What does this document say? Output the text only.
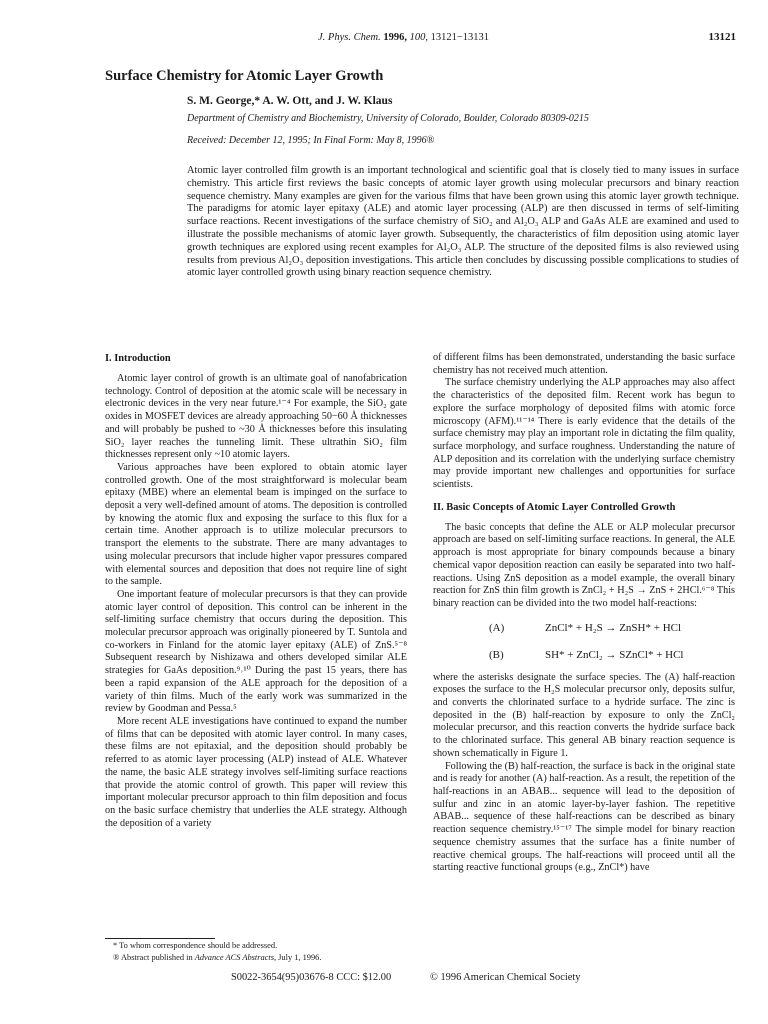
J. Phys. Chem. 1996, 100, 13121−13131	13121
Surface Chemistry for Atomic Layer Growth
S. M. George,* A. W. Ott, and J. W. Klaus
Department of Chemistry and Biochemistry, University of Colorado, Boulder, Colorado 80309-0215
Received: December 12, 1995; In Final Form: May 8, 1996®

Atomic layer controlled film growth is an important technological and scientific goal that is closely tied to many issues in surface chemistry. This article first reviews the basic concepts of atomic layer growth using molecular precursors and binary reaction sequence chemistry. Many examples are given for the various films that have been grown using this atomic layer growth technique. The paradigms for atomic layer epitaxy (ALE) and atomic layer processing (ALP) are then discussed in terms of self-limiting surface reactions. Recent investigations of the surface chemistry of SiO₂ and Al₂O₃ ALP and GaAs ALE are examined and used to illustrate the possible mechanisms of atomic layer growth. Subsequently, the characteristics of film deposition using atomic layer growth techniques are explored using recent examples for Al₂O₃ ALP. The structure of the deposited films is also reviewed using results from previous Al₂O₃ deposition investigations. This article then concludes by discussing possible complications to studies of atomic layer controlled growth using binary reaction sequence chemistry.

I. Introduction

Atomic layer control of growth is an ultimate goal of nanofabrication technology. Control of deposition at the atomic scale will be necessary in electronic devices in the very near future.¹⁻⁴ For example, the SiO₂ gate oxides in MOSFET devices are already approaching 50−60 Å thicknesses and will probably be pushed to ~30 Å thicknesses before this insulating SiO₂ layer reaches the tunneling limit. These ultrathin SiO₂ film thicknesses represent only ~10 atomic layers.

Various approaches have been explored to obtain atomic layer controlled growth. One of the most straightforward is molecular beam epitaxy (MBE) where an elemental beam is impinged on the surface to deposit a very well-defined amount of atoms. The deposition is controlled by knowing the atomic flux and exposing the surface to this flux for a certain time. Another approach is to utilize molecular precursors to transport the elements to the substrate. There are many advantages to using molecular precursors that include higher vapor pressures compared with elemental sources and deposition that does not require line of sight to the sample.

One important feature of molecular precursors is that they can provide atomic layer control of deposition. This control can be inherent in the self-limiting surface chemistry that occurs during the deposition. This molecular precursor approach was originally pioneered by T. Suntola and co-workers in Finland for the atomic layer epitaxy (ALE) of ZnS.⁵⁻⁸ Subsequent research by Nishizawa and others developed similar ALE strategies for GaAs deposition.⁹˒¹⁰ During the past 15 years, there has been a rapid expansion of the ALE approach for the deposition of a variety of thin films. Much of the early work was summarized in the review by Goodman and Pessa.⁵

More recent ALE investigations have continued to expand the number of films that can be deposited with atomic layer control. In many cases, these films are not epitaxial, and the deposition should probably be referred to as atomic layer processing (ALP) instead of ALE. Whatever the name, the basic ALE strategy involves self-limiting surface reactions that provide the atomic control of growth. This paper will review this important molecular precursor approach to thin film deposition and focus on the basic surface chemistry that underlies the ALE strategy. Although the deposition of a variety

of different films has been demonstrated, understanding the basic surface chemistry has not received much attention.

The surface chemistry underlying the ALP approaches may also affect the characteristics of the deposited film. Recent work has begun to explore the surface morphology of deposited films with atomic force microscopy (AFM).¹¹⁻¹⁴ There is early evidence that the details of the surface chemistry may play an important role in dictating the film quality, surface morphology, and surface roughness. Understanding the nature of ALP deposition and its correlation with the underlying surface chemistry may provide important new challenges and opportunities for surface scientists.

II. Basic Concepts of Atomic Layer Controlled Growth

The basic concepts that define the ALE or ALP molecular precursor approach are based on self-limiting surface reactions. In general, the ALE approach is most appropriate for binary compounds because a binary chemical vapor deposition reaction can easily be separated into two half-reactions. Using ZnS deposition as a model example, the overall binary reaction for ZnS thin film growth is ZnCl₂ + H₂S → ZnS + 2HCl.⁶⁻⁸ This binary reaction can be divided into the two model half-reactions:

(A)	ZnCl* + H₂S → ZnSH* + HCl
(B)	SH* + ZnCl₂ → SZnCl* + HCl

where the asterisks designate the surface species. The (A) half-reaction exposes the surface to the H₂S molecular precursor only, deposits sulfur, and converts the chlorinated surface to a hydride surface. The zinc is deposited in the (B) half-reaction by exposure to only the ZnCl₂ molecular precursor, and this reaction converts the hydride surface back to the chlorinated surface. This general AB binary reaction sequence is shown schematically in Figure 1.

Following the (B) half-reaction, the surface is back in the original state and is ready for another (A) half-reaction. As a result, the repetition of the half-reactions in an ABAB... sequence will lead to the deposition of sulfur and zinc in an atomic layer-by-layer fashion. The repetitive ABAB... sequence of these half-reactions can be described as binary reaction sequence chemistry.¹⁵⁻¹⁷ The simple model for binary reaction sequence chemistry assumes that the surface has a finite number of reactive chemical groups. The half-reactions will proceed until all the starting reactive functional groups (e.g., ZnCl*) have

* To whom correspondence should be addressed.
® Abstract published in Advance ACS Abstracts, July 1, 1996.
S0022-3654(95)03676-8 CCC: $12.00	© 1996 American Chemical Society
